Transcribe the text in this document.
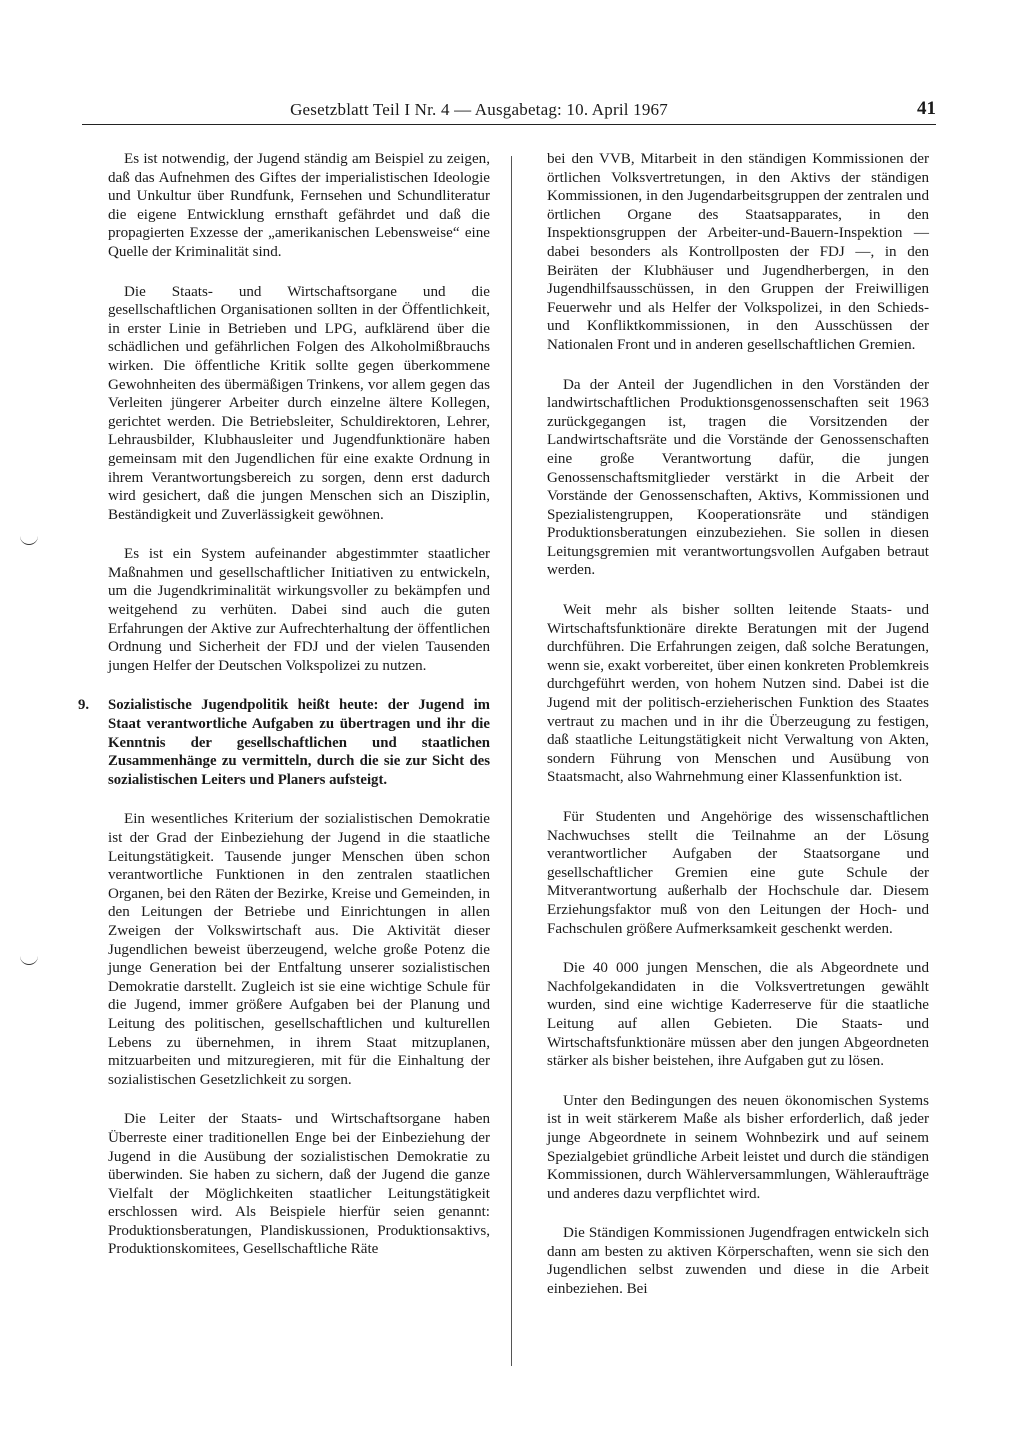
Gesetzblatt Teil I Nr. 4 — Ausgabetag: 10. April 1967	41

Es ist notwendig, der Jugend ständig am Beispiel zu zeigen, daß das Aufnehmen des Giftes der imperialistischen Ideologie und Unkultur über Rundfunk, Fernsehen und Schundliteratur die eigene Entwicklung ernsthaft gefährdet und daß die propagierten Exzesse der „amerikanischen Lebensweise“ eine Quelle der Kriminalität sind.

Die Staats- und Wirtschaftsorgane und die gesellschaftlichen Organisationen sollten in der Öffentlichkeit, in erster Linie in Betrieben und LPG, aufklärend über die schädlichen und gefährlichen Folgen des Alkoholmißbrauchs wirken. Die öffentliche Kritik sollte gegen überkommene Gewohnheiten des übermäßigen Trinkens, vor allem gegen das Verleiten jüngerer Arbeiter durch einzelne ältere Kollegen, gerichtet werden. Die Betriebsleiter, Schuldirektoren, Lehrer, Lehrausbilder, Klubhausleiter und Jugendfunktionäre haben gemeinsam mit den Jugendlichen für eine exakte Ordnung in ihrem Verantwortungsbereich zu sorgen, denn erst dadurch wird gesichert, daß die jungen Menschen sich an Disziplin, Beständigkeit und Zuverlässigkeit gewöhnen.

Es ist ein System aufeinander abgestimmter staatlicher Maßnahmen und gesellschaftlicher Initiativen zu entwickeln, um die Jugendkriminalität wirkungsvoller zu bekämpfen und weitgehend zu verhüten. Dabei sind auch die guten Erfahrungen der Aktive zur Aufrechterhaltung der öffentlichen Ordnung und Sicherheit der FDJ und der vielen Tausenden jungen Helfer der Deutschen Volkspolizei zu nutzen.

9. Sozialistische Jugendpolitik heißt heute: der Jugend im Staat verantwortliche Aufgaben zu übertragen und ihr die Kenntnis der gesellschaftlichen und staatlichen Zusammenhänge zu vermitteln, durch die sie zur Sicht des sozialistischen Leiters und Planers aufsteigt.

Ein wesentliches Kriterium der sozialistischen Demokratie ist der Grad der Einbeziehung der Jugend in die staatliche Leitungstätigkeit. Tausende junger Menschen üben schon verantwortliche Funktionen in den zentralen staatlichen Organen, bei den Räten der Bezirke, Kreise und Gemeinden, in den Leitungen der Betriebe und Einrichtungen in allen Zweigen der Volkswirtschaft aus. Die Aktivität dieser Jugendlichen beweist überzeugend, welche große Potenz die junge Generation bei der Entfaltung unserer sozialistischen Demokratie darstellt. Zugleich ist sie eine wichtige Schule für die Jugend, immer größere Aufgaben bei der Planung und Leitung des politischen, gesellschaftlichen und kulturellen Lebens zu übernehmen, in ihrem Staat mitzuplanen, mitzuarbeiten und mitzuregieren, mit für die Einhaltung der sozialistischen Gesetzlichkeit zu sorgen.

Die Leiter der Staats- und Wirtschaftsorgane haben Überreste einer traditionellen Enge bei der Einbeziehung der Jugend in die Ausübung der sozialistischen Demokratie zu überwinden. Sie haben zu sichern, daß der Jugend die ganze Vielfalt der Möglichkeiten staatlicher Leitungstätigkeit erschlossen wird. Als Beispiele hierfür seien genannt: Produktionsberatungen, Plandiskussionen, Produktionsaktivs, Produktionskomitees, Gesellschaftliche Räte

bei den VVB, Mitarbeit in den ständigen Kommissionen der örtlichen Volksvertretungen, in den Aktivs der ständigen Kommissionen, in den Jugendarbeitsgruppen der zentralen und örtlichen Organe des Staatsapparates, in den Inspektionsgruppen der Arbeiter-und-Bauern-Inspektion — dabei besonders als Kontrollposten der FDJ —, in den Beiräten der Klubhäuser und Jugendherbergen, in den Jugendhilfsausschüssen, in den Gruppen der Freiwilligen Feuerwehr und als Helfer der Volkspolizei, in den Schieds- und Konfliktkommissionen, in den Ausschüssen der Nationalen Front und in anderen gesellschaftlichen Gremien.

Da der Anteil der Jugendlichen in den Vorständen der landwirtschaftlichen Produktionsgenossenschaften seit 1963 zurückgegangen ist, tragen die Vorsitzenden der Landwirtschaftsräte und die Vorstände der Genossenschaften eine große Verantwortung dafür, die jungen Genossenschaftsmitglieder verstärkt in die Arbeit der Vorstände der Genossenschaften, Aktivs, Kommissionen und Spezialistengruppen, Kooperationsräte und ständigen Produktionsberatungen einzubeziehen. Sie sollen in diesen Leitungsgremien mit verantwortungsvollen Aufgaben betraut werden.

Weit mehr als bisher sollten leitende Staats- und Wirtschaftsfunktionäre direkte Beratungen mit der Jugend durchführen. Die Erfahrungen zeigen, daß solche Beratungen, wenn sie, exakt vorbereitet, über einen konkreten Problemkreis durchgeführt werden, von hohem Nutzen sind. Dabei ist die Jugend mit der politisch-erzieherischen Funktion des Staates vertraut zu machen und in ihr die Überzeugung zu festigen, daß staatliche Leitungstätigkeit nicht Verwaltung von Akten, sondern Führung von Menschen und Ausübung von Staatsmacht, also Wahrnehmung einer Klassenfunktion ist.

Für Studenten und Angehörige des wissenschaftlichen Nachwuchses stellt die Teilnahme an der Lösung verantwortlicher Aufgaben der Staatsorgane und gesellschaftlicher Gremien eine gute Schule der Mitverantwortung außerhalb der Hochschule dar. Diesem Erziehungsfaktor muß von den Leitungen der Hoch- und Fachschulen größere Aufmerksamkeit geschenkt werden.

Die 40 000 jungen Menschen, die als Abgeordnete und Nachfolgekandidaten in die Volksvertretungen gewählt wurden, sind eine wichtige Kaderreserve für die staatliche Leitung auf allen Gebieten. Die Staats- und Wirtschaftsfunktionäre müssen aber den jungen Abgeordneten stärker als bisher beistehen, ihre Aufgaben gut zu lösen.

Unter den Bedingungen des neuen ökonomischen Systems ist in weit stärkerem Maße als bisher erforderlich, daß jeder junge Abgeordnete in seinem Wohnbezirk und auf seinem Spezialgebiet gründliche Arbeit leistet und durch die ständigen Kommissionen, durch Wählerversammlungen, Wähleraufträge und anderes dazu verpflichtet wird.

Die Ständigen Kommissionen Jugendfragen entwickeln sich dann am besten zu aktiven Körperschaften, wenn sie sich den Jugendlichen selbst zuwenden und diese in die Arbeit einbeziehen. Bei
